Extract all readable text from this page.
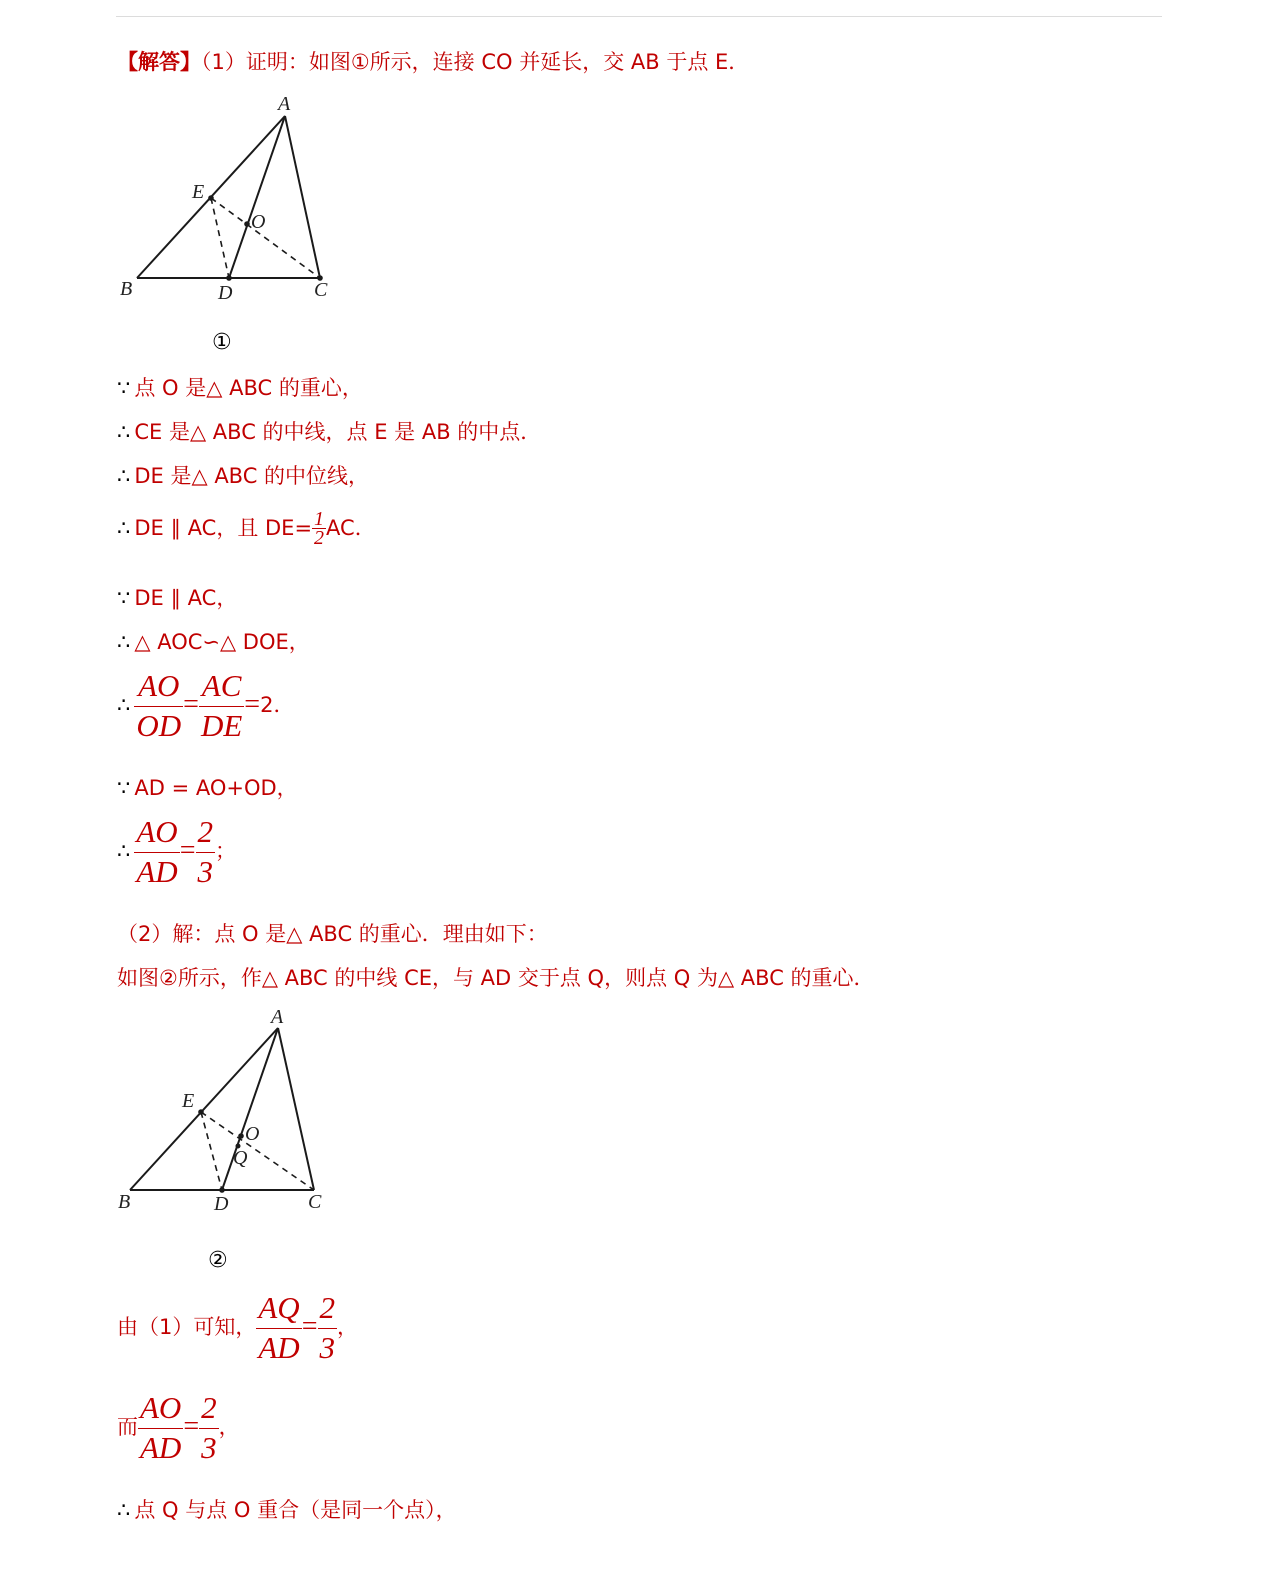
【解答】（1）证明：如图①所示，连接 CO 并延长，交 AB 于点 E．
A
E
O
B	D	C
①
∵ 点 O 是△ ABC 的重心，
∴ CE 是△ ABC 的中线，点 E 是 AB 的中点．
∴ DE 是△ ABC 的中位线，
∴ DE ∥ AC，且 $DE= \frac{1}{2}$ AC．
∵ DE ∥ AC，
∴ △ AOC∽△ DOE，
∴ $\frac{AO}{OD} = \frac{AC}{DE} =2$．
∵ AD = AO+OD，
∴ $\frac{AO}{AD} = \frac{2}{3}$ ；
（2）解：点 O 是△ ABC 的重心．理由如下：
如图②所示，作△ ABC 的中线 CE，与 AD 交于点 Q，则点 Q 为△ ABC 的重心．
A
E
O
Q
B	D	C
②
由（1）可知， $\frac{AQ}{AD} = \frac{2}{3}$ ，
而 $\frac{AO}{AD} = \frac{2}{3}$ ，
∴ 点 Q 与点 O 重合（是同一个点），
